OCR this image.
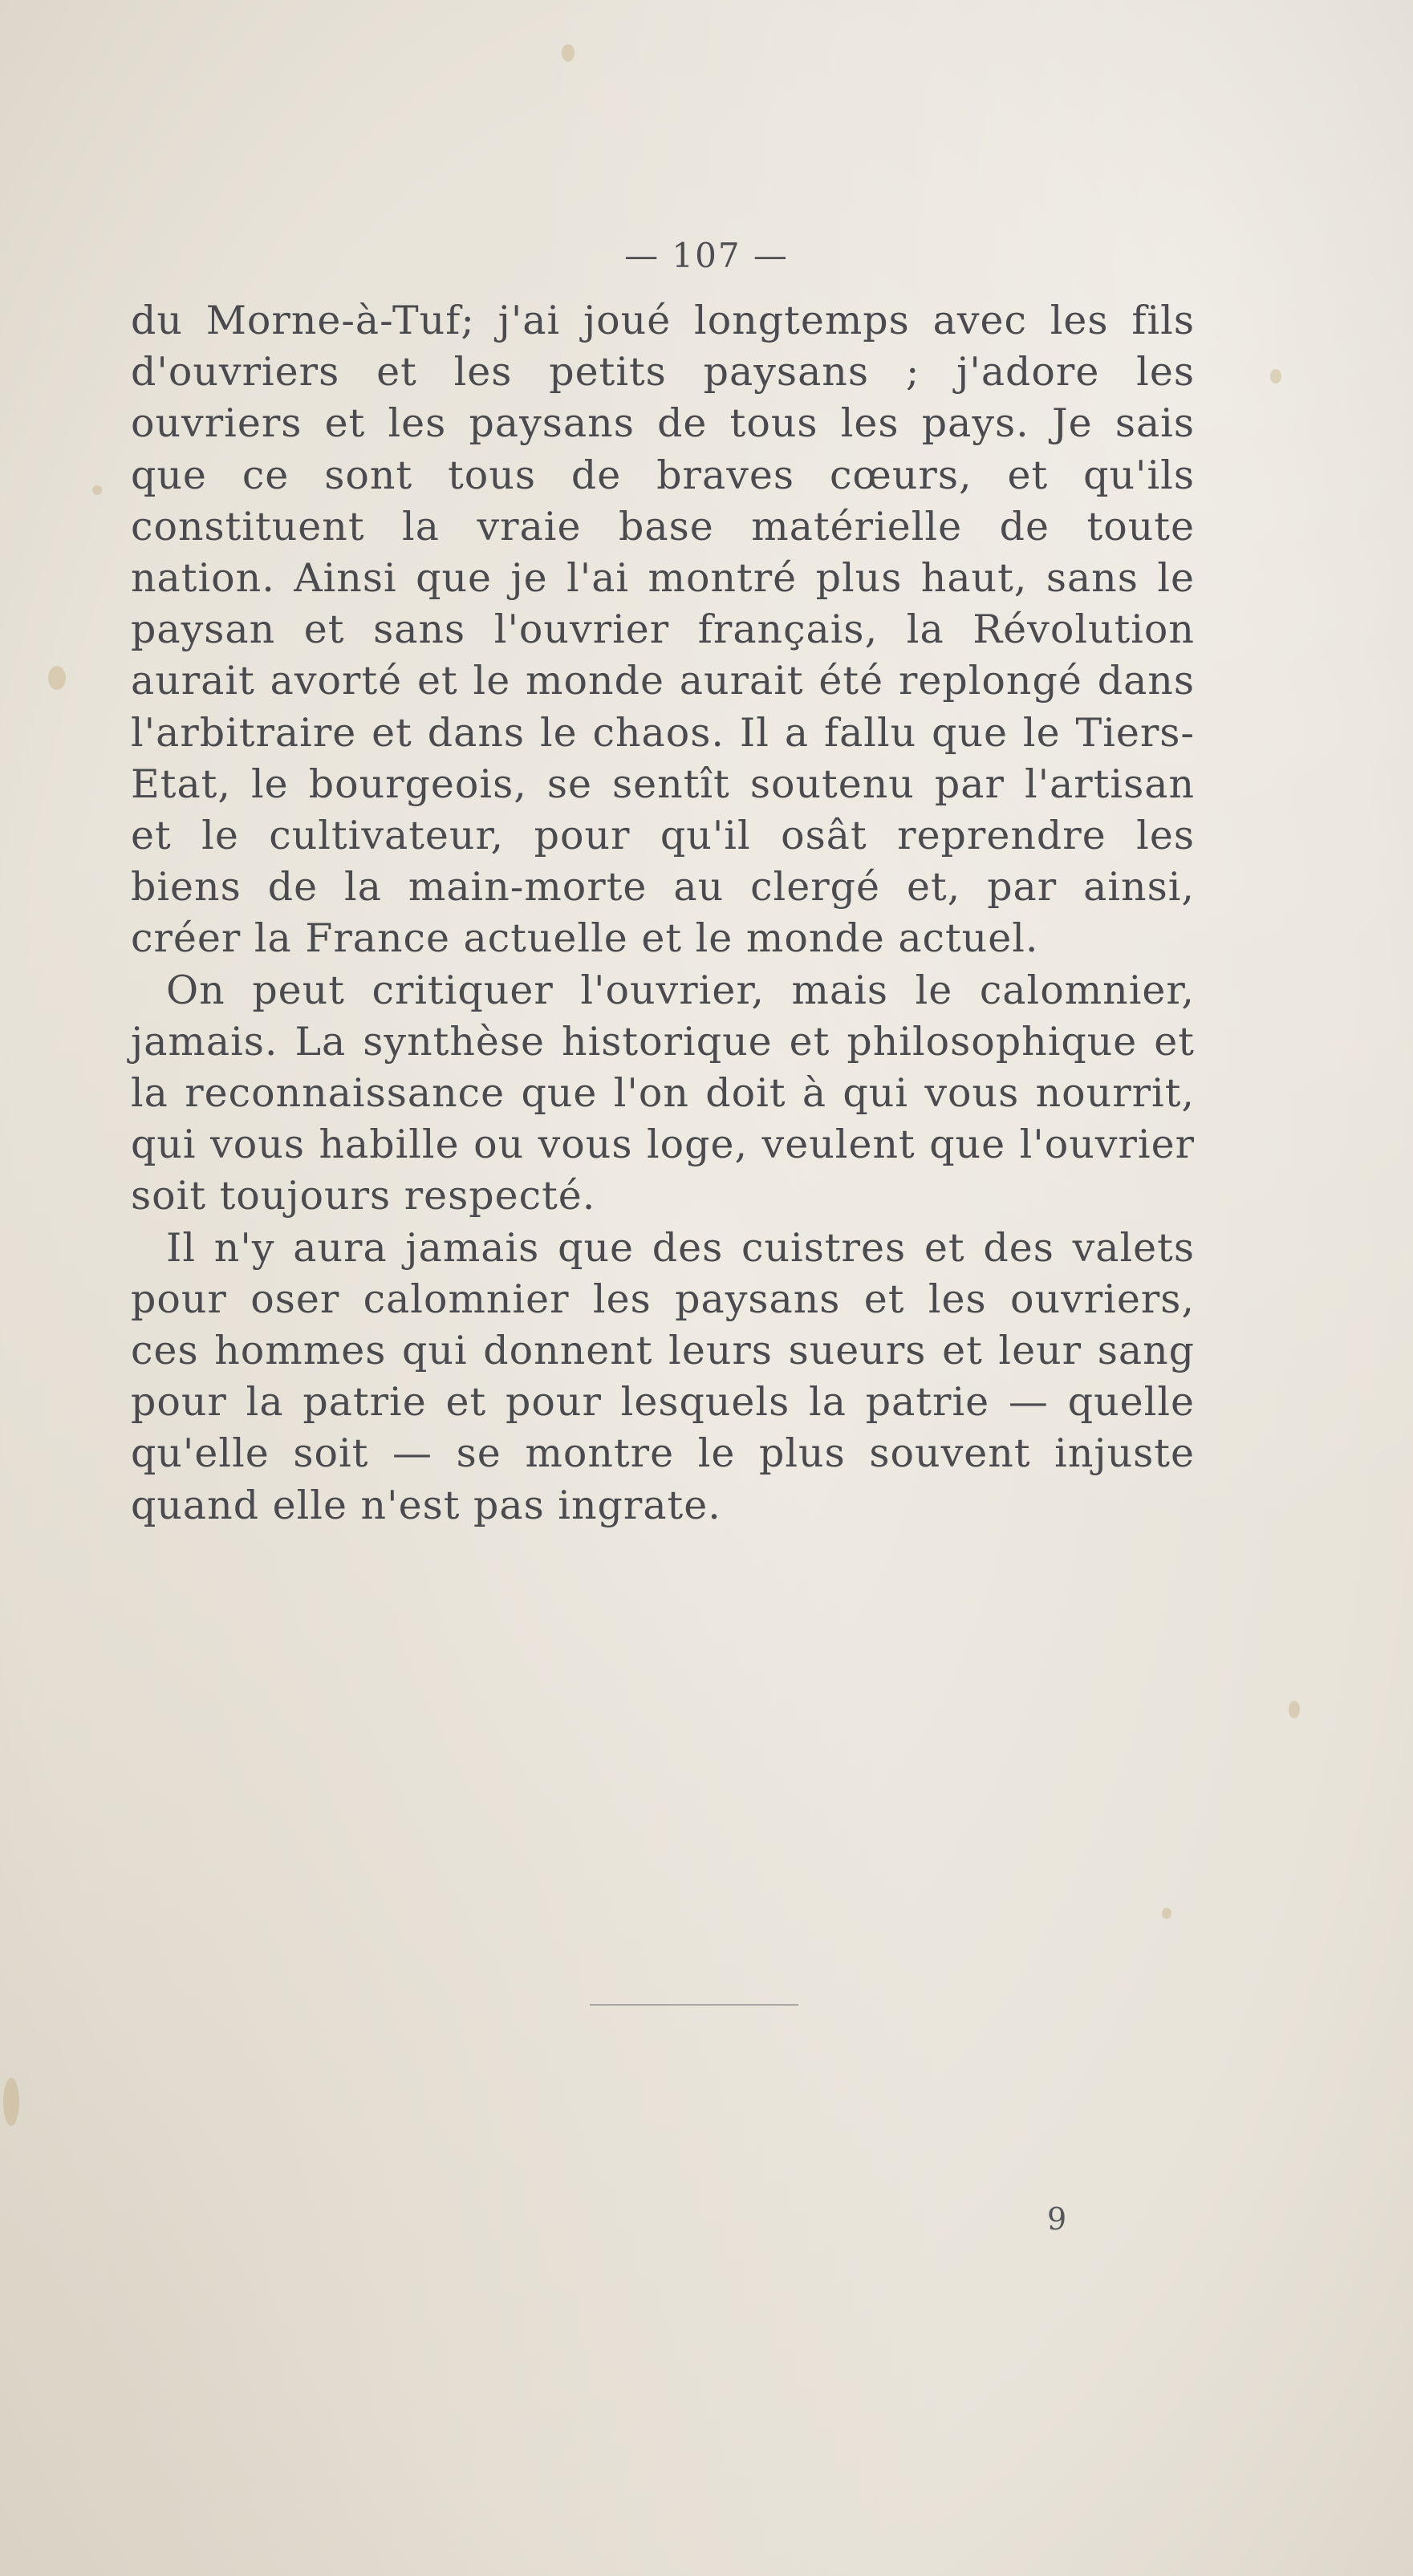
— 107 —

du Morne-à-Tuf; j'ai joué longtemps avec les fils d'ouvriers et les petits paysans ; j'adore les ouvriers et les paysans de tous les pays. Je sais que ce sont tous de braves cœurs, et qu'ils constituent la vraie base matérielle de toute nation. Ainsi que je l'ai montré plus haut, sans le paysan et sans l'ouvrier français, la Révolution aurait avorté et le monde aurait été replongé dans l'arbitraire et dans le chaos. Il a fallu que le Tiers-Etat, le bourgeois, se sentît soutenu par l'artisan et le cultivateur, pour qu'il osât reprendre les biens de la main-morte au clergé et, par ainsi, créer la France actuelle et le monde actuel.

On peut critiquer l'ouvrier, mais le calomnier, jamais. La synthèse historique et philosophique et la reconnaissance que l'on doit à qui vous nourrit, qui vous habille ou vous loge, veulent que l'ouvrier soit toujours respecté.

Il n'y aura jamais que des cuistres et des valets pour oser calomnier les paysans et les ouvriers, ces hommes qui donnent leurs sueurs et leur sang pour la patrie et pour lesquels la patrie — quelle qu'elle soit — se montre le plus souvent injuste quand elle n'est pas ingrate.

9
